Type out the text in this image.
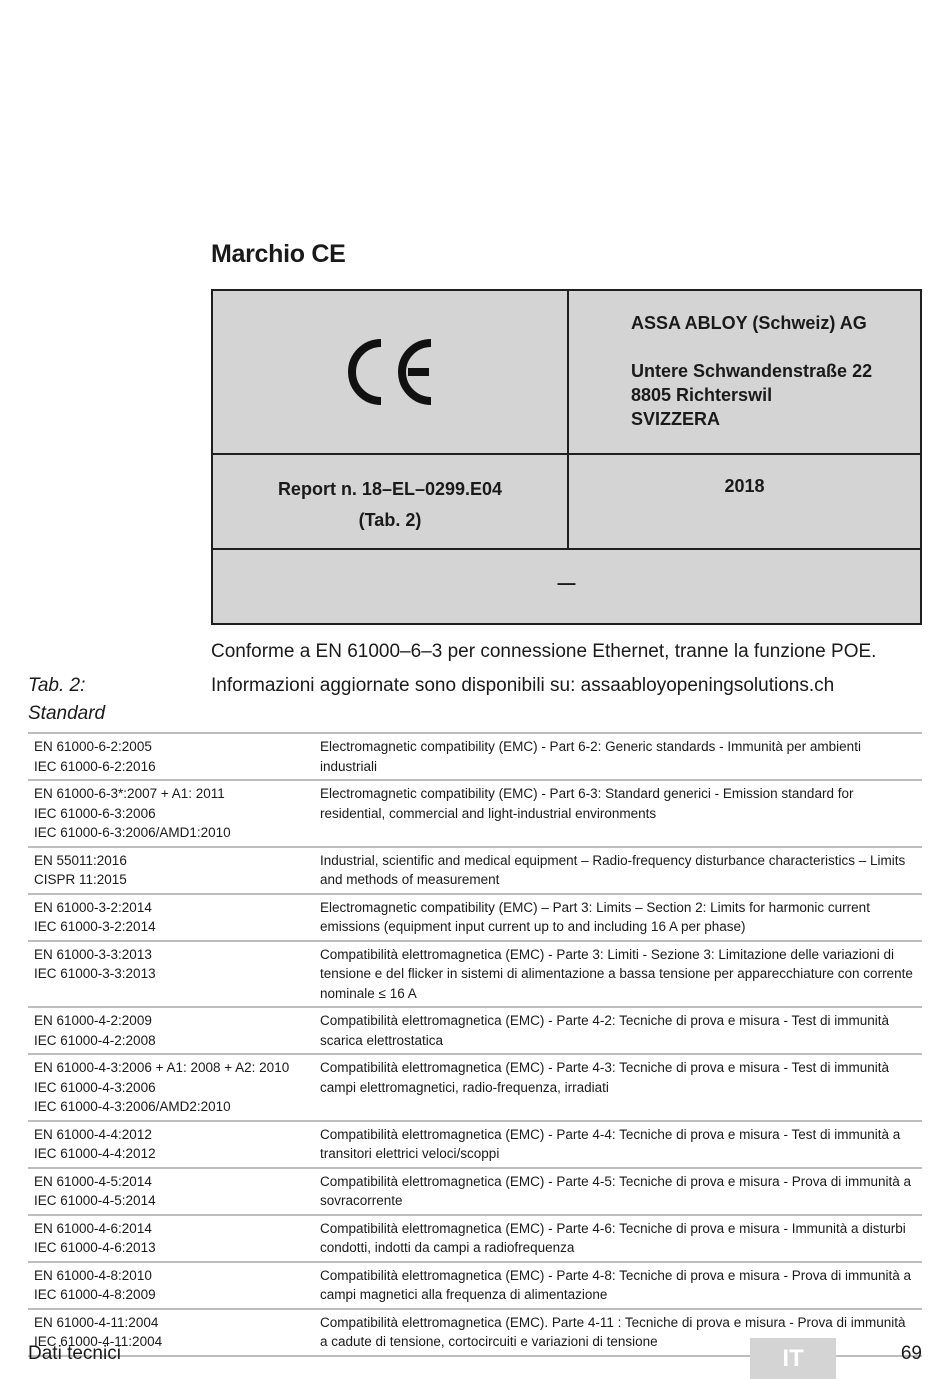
Marchio CE
ASSA ABLOY (Schweiz) AG
Untere Schwandenstraße 22
8805 Richterswil
SVIZZERA
Report n. 18–EL–0299.E04
(Tab. 2)
2018
—
Conforme a EN 61000–6–3 per connessione Ethernet, tranne la funzione POE.
Informazioni aggiornate sono disponibili su: assaabloyopeningsolutions.ch
Tab. 2:
Standard
EN 61000-6-2:2005
IEC 61000-6-2:2016	Electromagnetic compatibility (EMC) - Part 6-2: Generic standards - Immunità per ambienti industriali
EN 61000-6-3*:2007 + A1: 2011
IEC 61000-6-3:2006
IEC 61000-6-3:2006/AMD1:2010	Electromagnetic compatibility (EMC) - Part 6-3: Standard generici - Emission standard for residential, commercial and light-industrial environments
EN 55011:2016
CISPR 11:2015	Industrial, scientific and medical equipment – Radio-frequency disturbance characteristics – Limits and methods of measurement
EN 61000-3-2:2014
IEC 61000-3-2:2014	Electromagnetic compatibility (EMC) – Part 3: Limits – Section 2: Limits for harmonic current emissions (equipment input current up to and including 16 A per phase)
EN 61000-3-3:2013
IEC 61000-3-3:2013	Compatibilità elettromagnetica (EMC) - Parte 3: Limiti - Sezione 3: Limitazione delle variazioni di tensione e del flicker in sistemi di alimentazione a bassa tensione per apparecchiature con corrente nominale ≤ 16 A
EN 61000-4-2:2009
IEC 61000-4-2:2008	Compatibilità elettromagnetica (EMC) - Parte 4-2: Tecniche di prova e misura - Test di immunità scarica elettrostatica
EN 61000-4-3:2006 + A1: 2008 + A2: 2010
IEC 61000-4-3:2006
IEC 61000-4-3:2006/AMD2:2010	Compatibilità elettromagnetica (EMC) - Parte 4-3: Tecniche di prova e misura - Test di immunità campi elettromagnetici, radio-frequenza, irradiati
EN 61000-4-4:2012
IEC 61000-4-4:2012	Compatibilità elettromagnetica (EMC) - Parte 4-4: Tecniche di prova e misura - Test di immunità a transitori elettrici veloci/scoppi
EN 61000-4-5:2014
IEC 61000-4-5:2014	Compatibilità elettromagnetica (EMC) - Parte 4-5: Tecniche di prova e misura - Prova di immunità a sovracorrente
EN 61000-4-6:2014
IEC 61000-4-6:2013	Compatibilità elettromagnetica (EMC) - Parte 4-6: Tecniche di prova e misura - Immunità a disturbi condotti, indotti da campi a radiofrequenza
EN 61000-4-8:2010
IEC 61000-4-8:2009	Compatibilità elettromagnetica (EMC) - Parte 4-8: Tecniche di prova e misura - Prova di immunità a campi magnetici alla frequenza di alimentazione
EN 61000-4-11:2004
IEC 61000-4-11:2004	Compatibilità elettromagnetica (EMC). Parte 4-11 : Tecniche di prova e misura - Prova di immunità a cadute di tensione, cortocircuiti e variazioni di tensione
Dati tecnici	IT	69
